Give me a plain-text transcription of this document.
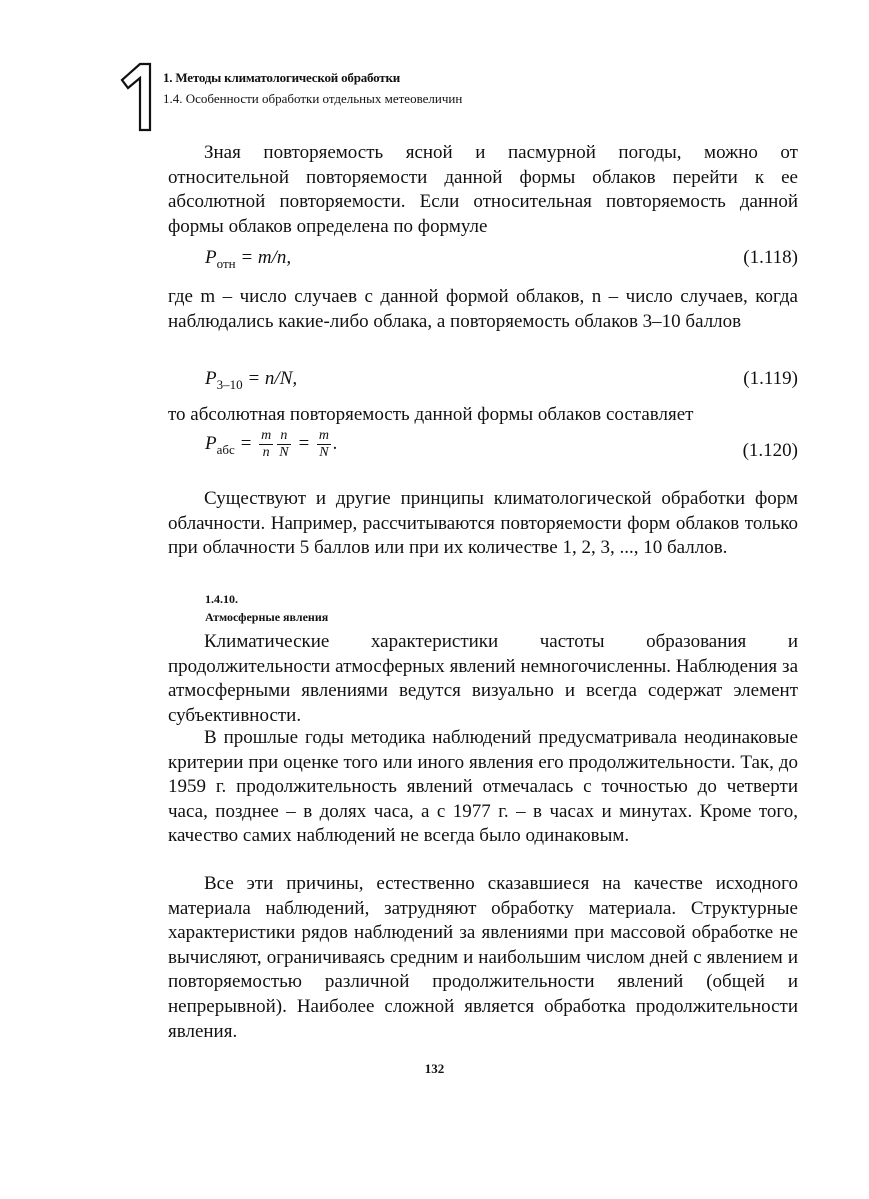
1. Методы климатологической обработки
1.4. Особенности обработки отдельных метеовеличин
Зная повторяемость ясной и пасмурной погоды, можно от относительной повторяемости данной формы облаков перейти к ее абсолютной повторяемости. Если относительная повторяемость данной формы облаков определена по формуле
$P_{отн} = m/n$,	(1.118)
где m – число случаев с данной формой облаков, n – число случаев, когда наблюдались какие-либо облака, а повторяемость облаков 3–10 баллов
$P_{3-10} = n/N$,	(1.119)
то абсолютная повторяемость данной формы облаков составляет
$P_{абс} = \frac{m}{n} \frac{n}{N} = \frac{m}{N}$ .	(1.120)
Существуют и другие принципы климатологической обработки форм облачности. Например, рассчитываются повторяемости форм облаков только при облачности 5 баллов или при их количестве 1, 2, 3, ..., 10 баллов.
1.4.10.
Атмосферные явления
Климатические характеристики частоты образования и продолжительности атмосферных явлений немногочисленны. Наблюдения за атмосферными явлениями ведутся визуально и всегда содержат элемент субъективности.
В прошлые годы методика наблюдений предусматривала неодинаковые критерии при оценке того или иного явления его продолжительности. Так, до 1959 г. продолжительность явлений отмечалась с точностью до четверти часа, позднее – в долях часа, а с 1977 г. – в часах и минутах. Кроме того, качество самих наблюдений не всегда было одинаковым.
Все эти причины, естественно сказавшиеся на качестве исходного материала наблюдений, затрудняют обработку материала. Структурные характеристики рядов наблюдений за явлениями при массовой обработке не вычисляют, ограничиваясь средним и наибольшим числом дней с явлением и повторяемостью различной продолжительности явлений (общей и непрерывной). Наиболее сложной является обработка продолжительности явления.
132
